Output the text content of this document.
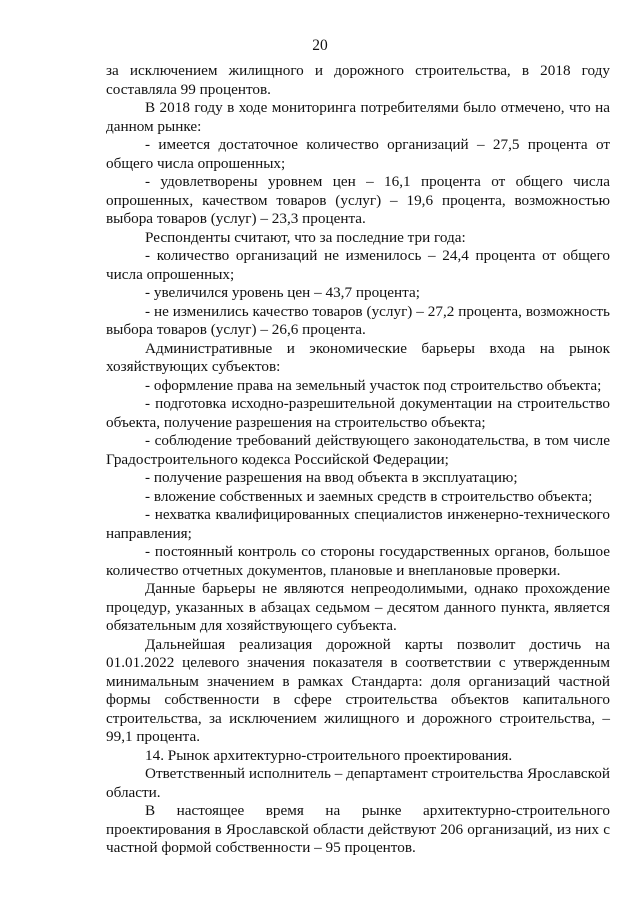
20

за исключением жилищного и дорожного строительства, в 2018 году составляла 99 процентов.

В 2018 году в ходе мониторинга потребителями было отмечено, что на данном рынке:

- имеется достаточное количество организаций – 27,5 процента от общего числа опрошенных;

- удовлетворены уровнем цен – 16,1 процента от общего числа опрошенных, качеством товаров (услуг) – 19,6 процента, возможностью выбора товаров (услуг) – 23,3 процента.

Респонденты считают, что за последние три года:

- количество организаций не изменилось – 24,4 процента от общего числа опрошенных;

- увеличился уровень цен – 43,7 процента;

- не изменились качество товаров (услуг) – 27,2 процента, возможность выбора товаров (услуг) – 26,6 процента.

Административные и экономические барьеры входа на рынок хозяйствующих субъектов:

- оформление права на земельный участок под строительство объекта;

- подготовка исходно-разрешительной документации на строительство объекта, получение разрешения на строительство объекта;

- соблюдение требований действующего законодательства, в том числе Градостроительного кодекса Российской Федерации;

- получение разрешения на ввод объекта в эксплуатацию;

- вложение собственных и заемных средств в строительство объекта;

- нехватка квалифицированных специалистов инженерно-технического направления;

- постоянный контроль со стороны государственных органов, большое количество отчетных документов, плановые и внеплановые проверки.

Данные барьеры не являются непреодолимыми, однако прохождение процедур, указанных в абзацах седьмом – десятом данного пункта, является обязательным для хозяйствующего субъекта.

Дальнейшая реализация дорожной карты позволит достичь на 01.01.2022 целевого значения показателя в соответствии с утвержденным минимальным значением в рамках Стандарта: доля организаций частной формы собственности в сфере строительства объектов капитального строительства, за исключением жилищного и дорожного строительства, – 99,1 процента.

14. Рынок архитектурно-строительного проектирования.

Ответственный исполнитель – департамент строительства Ярославской области.

В настоящее время на рынке архитектурно-строительного проектирования в Ярославской области действуют 206 организаций, из них с частной формой собственности – 95 процентов.
